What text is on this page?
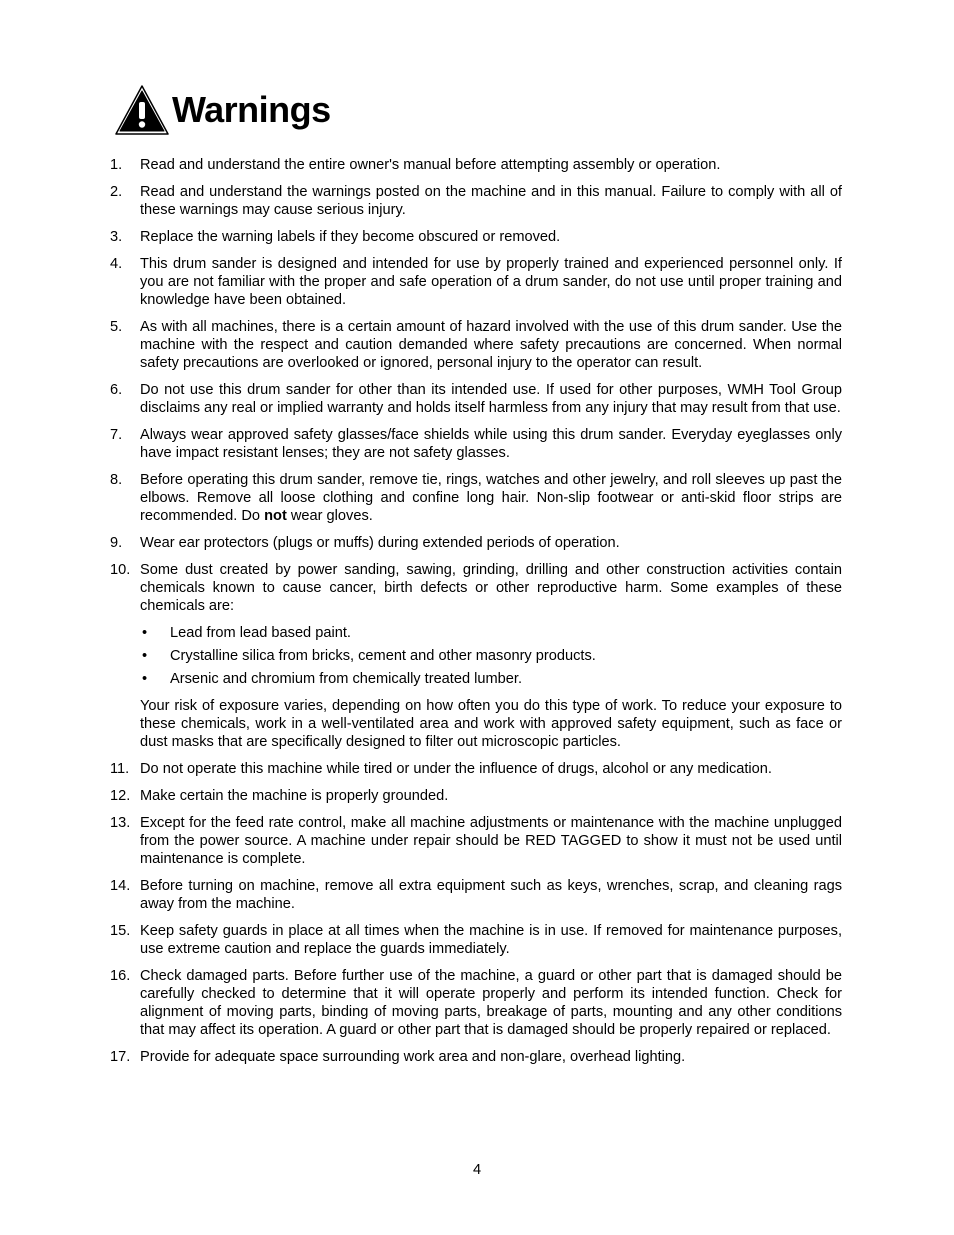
Warnings
1.	Read and understand the entire owner's manual before attempting assembly or operation.
2.	Read and understand the warnings posted on the machine and in this manual. Failure to comply with all of these warnings may cause serious injury.
3.	Replace the warning labels if they become obscured or removed.
4.	This drum sander is designed and intended for use by properly trained and experienced personnel only. If you are not familiar with the proper and safe operation of a drum sander, do not use until proper training and knowledge have been obtained.
5.	As with all machines, there is a certain amount of hazard involved with the use of this drum sander. Use the machine with the respect and caution demanded where safety precautions are concerned. When normal safety precautions are overlooked or ignored, personal injury to the operator can result.
6.	Do not use this drum sander for other than its intended use. If used for other purposes, WMH Tool Group disclaims any real or implied warranty and holds itself harmless from any injury that may result from that use.
7.	Always wear approved safety glasses/face shields while using this drum sander. Everyday eyeglasses only have impact resistant lenses; they are not safety glasses.
8.	Before operating this drum sander, remove tie, rings, watches and other jewelry, and roll sleeves up past the elbows. Remove all loose clothing and confine long hair. Non-slip footwear or anti-skid floor strips are recommended. Do not wear gloves.
9.	Wear ear protectors (plugs or muffs) during extended periods of operation.
10. Some dust created by power sanding, sawing, grinding, drilling and other construction activities contain chemicals known to cause cancer, birth defects or other reproductive harm. Some examples of these chemicals are:
•	Lead from lead based paint.
•	Crystalline silica from bricks, cement and other masonry products.
•	Arsenic and chromium from chemically treated lumber.
Your risk of exposure varies, depending on how often you do this type of work. To reduce your exposure to these chemicals, work in a well-ventilated area and work with approved safety equipment, such as face or dust masks that are specifically designed to filter out microscopic particles.
11. Do not operate this machine while tired or under the influence of drugs, alcohol or any medication.
12. Make certain the machine is properly grounded.
13. Except for the feed rate control, make all machine adjustments or maintenance with the machine unplugged from the power source. A machine under repair should be RED TAGGED to show it must not be used until maintenance is complete.
14. Before turning on machine, remove all extra equipment such as keys, wrenches, scrap, and cleaning rags away from the machine.
15. Keep safety guards in place at all times when the machine is in use. If removed for maintenance purposes, use extreme caution and replace the guards immediately.
16. Check damaged parts. Before further use of the machine, a guard or other part that is damaged should be carefully checked to determine that it will operate properly and perform its intended function. Check for alignment of moving parts, binding of moving parts, breakage of parts, mounting and any other conditions that may affect its operation. A guard or other part that is damaged should be properly repaired or replaced.
17. Provide for adequate space surrounding work area and non-glare, overhead lighting.
4
